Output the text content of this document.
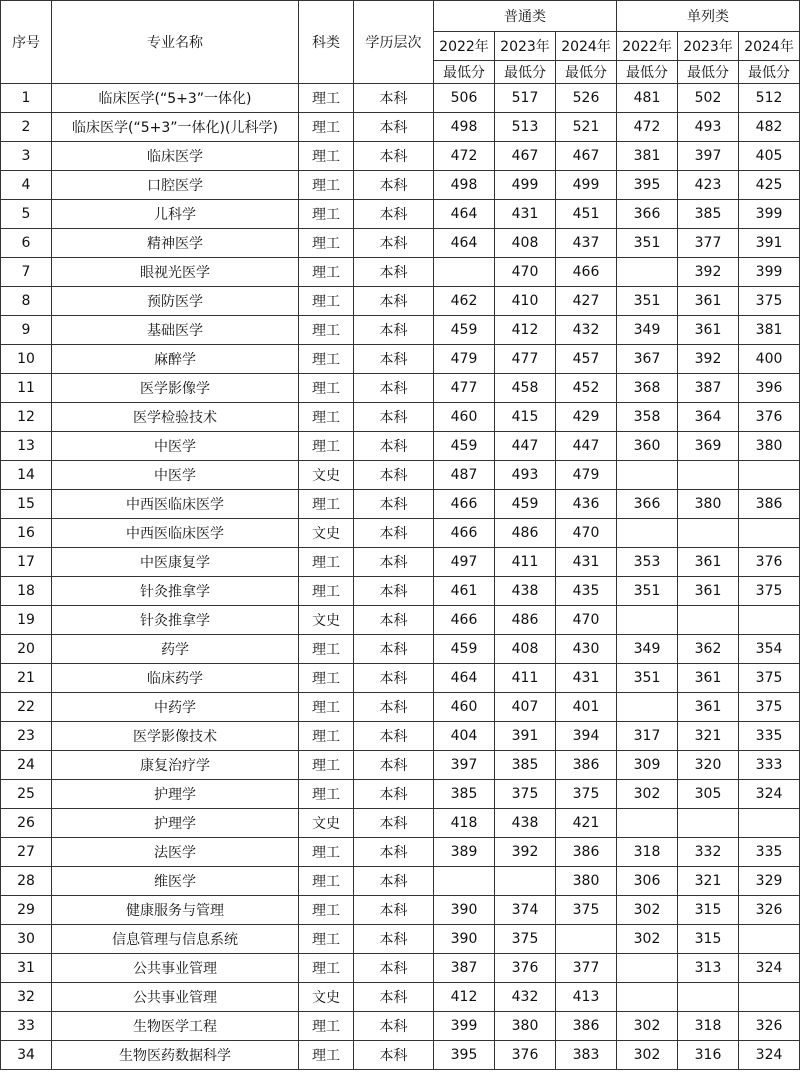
序号	专业名称	科类	学历层次	普通类			单列类		
				2022年	2023年	2024年	2022年	2023年	2024年
				最低分	最低分	最低分	最低分	最低分	最低分
1	临床医学(“5+3”一体化)	理工	本科	506	517	526	481	502	512
2	临床医学(“5+3”一体化)(儿科学)	理工	本科	498	513	521	472	493	482
3	临床医学	理工	本科	472	467	467	381	397	405
4	口腔医学	理工	本科	498	499	499	395	423	425
5	儿科学	理工	本科	464	431	451	366	385	399
6	精神医学	理工	本科	464	408	437	351	377	391
7	眼视光医学	理工	本科		470	466		392	399
8	预防医学	理工	本科	462	410	427	351	361	375
9	基础医学	理工	本科	459	412	432	349	361	381
10	麻醉学	理工	本科	479	477	457	367	392	400
11	医学影像学	理工	本科	477	458	452	368	387	396
12	医学检验技术	理工	本科	460	415	429	358	364	376
13	中医学	理工	本科	459	447	447	360	369	380
14	中医学	文史	本科	487	493	479			
15	中西医临床医学	理工	本科	466	459	436	366	380	386
16	中西医临床医学	文史	本科	466	486	470			
17	中医康复学	理工	本科	497	411	431	353	361	376
18	针灸推拿学	理工	本科	461	438	435	351	361	375
19	针灸推拿学	文史	本科	466	486	470			
20	药学	理工	本科	459	408	430	349	362	354
21	临床药学	理工	本科	464	411	431	351	361	375
22	中药学	理工	本科	460	407	401		361	375
23	医学影像技术	理工	本科	404	391	394	317	321	335
24	康复治疗学	理工	本科	397	385	386	309	320	333
25	护理学	理工	本科	385	375	375	302	305	324
26	护理学	文史	本科	418	438	421			
27	法医学	理工	本科	389	392	386	318	332	335
28	维医学	理工	本科			380	306	321	329
29	健康服务与管理	理工	本科	390	374	375	302	315	326
30	信息管理与信息系统	理工	本科	390	375		302	315	
31	公共事业管理	理工	本科	387	376	377		313	324
32	公共事业管理	文史	本科	412	432	413			
33	生物医学工程	理工	本科	399	380	386	302	318	326
34	生物医药数据科学	理工	本科	395	376	383	302	316	324
